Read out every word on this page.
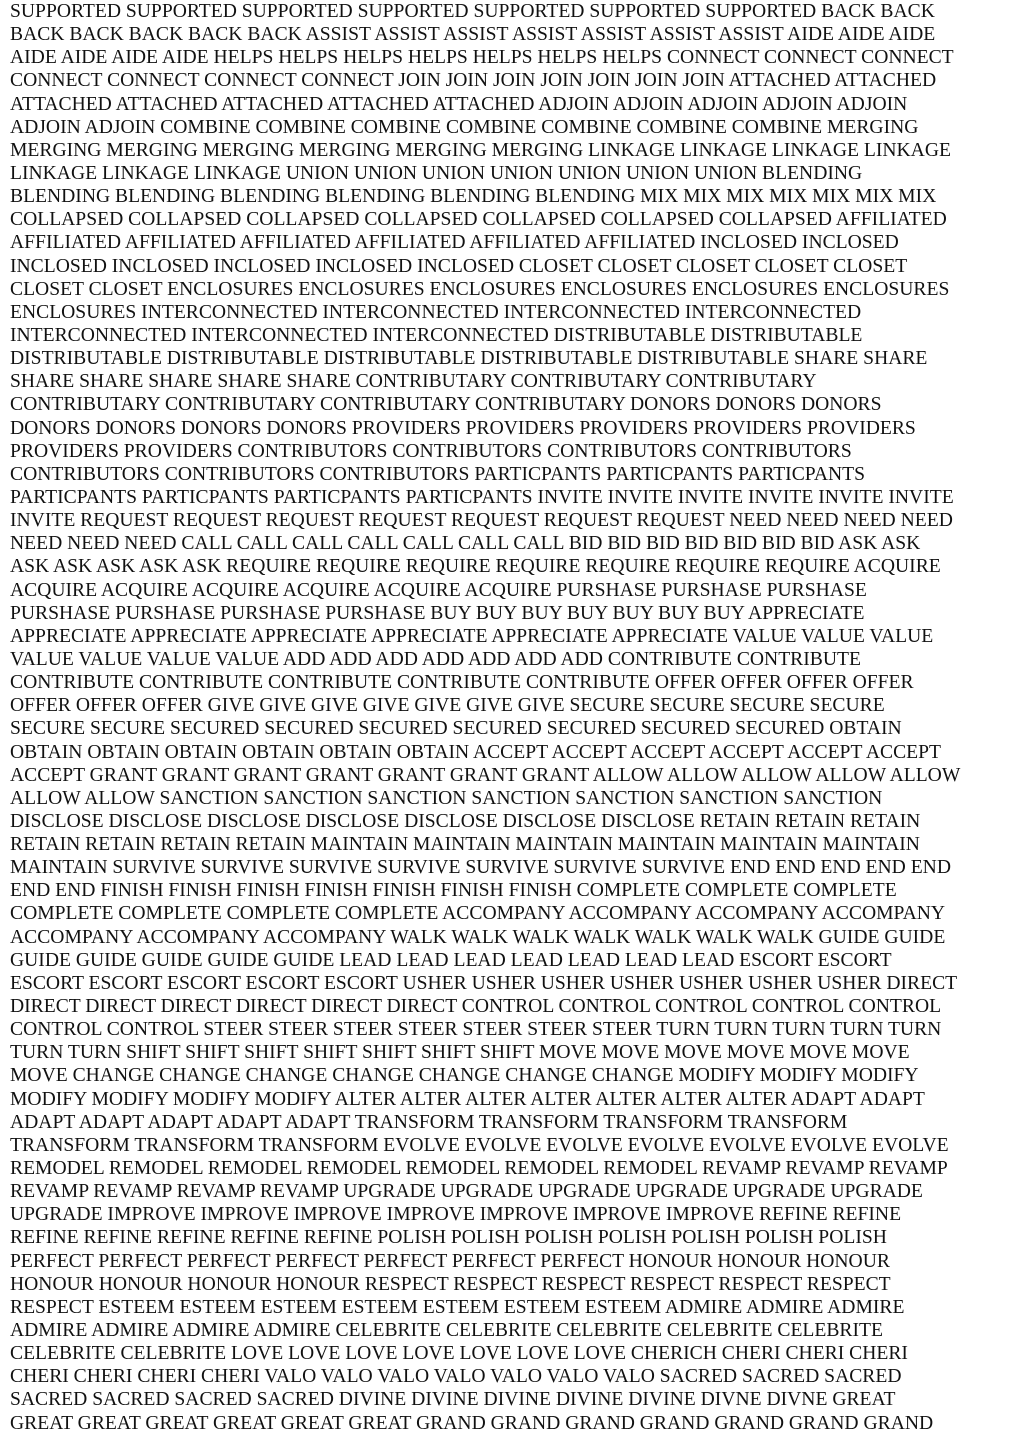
SUPPORTED SUPPORTED SUPPORTED SUPPORTED SUPPORTED SUPPORTED SUPPORTED BACK BACK
BACK BACK BACK BACK BACK ASSIST ASSIST ASSIST ASSIST ASSIST ASSIST ASSIST AIDE AIDE AIDE
AIDE AIDE AIDE AIDE HELPS HELPS HELPS HELPS HELPS HELPS HELPS CONNECT CONNECT CONNECT
CONNECT CONNECT CONNECT CONNECT JOIN JOIN JOIN JOIN JOIN JOIN JOIN ATTACHED ATTACHED
ATTACHED ATTACHED ATTACHED ATTACHED ATTACHED ADJOIN ADJOIN ADJOIN ADJOIN ADJOIN
ADJOIN ADJOIN COMBINE COMBINE COMBINE COMBINE COMBINE COMBINE COMBINE MERGING
MERGING MERGING MERGING MERGING MERGING MERGING LINKAGE LINKAGE LINKAGE LINKAGE
LINKAGE LINKAGE LINKAGE UNION UNION UNION UNION UNION UNION UNION BLENDING
BLENDING BLENDING BLENDING BLENDING BLENDING BLENDING MIX MIX MIX MIX MIX MIX MIX
COLLAPSED COLLAPSED COLLAPSED COLLAPSED COLLAPSED COLLAPSED COLLAPSED AFFILIATED
AFFILIATED AFFILIATED AFFILIATED AFFILIATED AFFILIATED AFFILIATED INCLOSED INCLOSED
INCLOSED INCLOSED INCLOSED INCLOSED INCLOSED CLOSET CLOSET CLOSET CLOSET CLOSET
CLOSET CLOSET ENCLOSURES ENCLOSURES ENCLOSURES ENCLOSURES ENCLOSURES ENCLOSURES
ENCLOSURES INTERCONNECTED INTERCONNECTED INTERCONNECTED INTERCONNECTED
INTERCONNECTED INTERCONNECTED INTERCONNECTED DISTRIBUTABLE DISTRIBUTABLE
DISTRIBUTABLE DISTRIBUTABLE DISTRIBUTABLE DISTRIBUTABLE DISTRIBUTABLE SHARE SHARE
SHARE SHARE SHARE SHARE SHARE CONTRIBUTARY CONTRIBUTARY CONTRIBUTARY
CONTRIBUTARY CONTRIBUTARY CONTRIBUTARY CONTRIBUTARY DONORS DONORS DONORS
DONORS DONORS DONORS DONORS PROVIDERS PROVIDERS PROVIDERS PROVIDERS PROVIDERS
PROVIDERS PROVIDERS CONTRIBUTORS CONTRIBUTORS CONTRIBUTORS CONTRIBUTORS
CONTRIBUTORS CONTRIBUTORS CONTRIBUTORS PARTICPANTS PARTICPANTS PARTICPANTS
PARTICPANTS PARTICPANTS PARTICPANTS PARTICPANTS INVITE INVITE INVITE INVITE INVITE INVITE
INVITE REQUEST REQUEST REQUEST REQUEST REQUEST REQUEST REQUEST NEED NEED NEED NEED
NEED NEED NEED CALL CALL CALL CALL CALL CALL CALL BID BID BID BID BID BID BID ASK ASK
ASK ASK ASK ASK ASK REQUIRE REQUIRE REQUIRE REQUIRE REQUIRE REQUIRE REQUIRE ACQUIRE
ACQUIRE ACQUIRE ACQUIRE ACQUIRE ACQUIRE ACQUIRE PURSHASE PURSHASE PURSHASE
PURSHASE PURSHASE PURSHASE PURSHASE BUY BUY BUY BUY BUY BUY BUY APPRECIATE
APPRECIATE APPRECIATE APPRECIATE APPRECIATE APPRECIATE APPRECIATE VALUE VALUE VALUE
VALUE VALUE VALUE VALUE ADD ADD ADD ADD ADD ADD ADD CONTRIBUTE CONTRIBUTE
CONTRIBUTE CONTRIBUTE CONTRIBUTE CONTRIBUTE CONTRIBUTE OFFER OFFER OFFER OFFER
OFFER OFFER OFFER GIVE GIVE GIVE GIVE GIVE GIVE GIVE SECURE SECURE SECURE SECURE
SECURE SECURE SECURED SECURED SECURED SECURED SECURED SECURED SECURED OBTAIN
OBTAIN OBTAIN OBTAIN OBTAIN OBTAIN OBTAIN ACCEPT ACCEPT ACCEPT ACCEPT ACCEPT ACCEPT
ACCEPT GRANT GRANT GRANT GRANT GRANT GRANT GRANT ALLOW ALLOW ALLOW ALLOW ALLOW
ALLOW ALLOW SANCTION SANCTION SANCTION SANCTION SANCTION SANCTION SANCTION
DISCLOSE DISCLOSE DISCLOSE DISCLOSE DISCLOSE DISCLOSE DISCLOSE RETAIN RETAIN RETAIN
RETAIN RETAIN RETAIN RETAIN MAINTAIN MAINTAIN MAINTAIN MAINTAIN MAINTAIN MAINTAIN
MAINTAIN SURVIVE SURVIVE SURVIVE SURVIVE SURVIVE SURVIVE SURVIVE END END END END END
END END FINISH FINISH FINISH FINISH FINISH FINISH FINISH COMPLETE COMPLETE COMPLETE
COMPLETE COMPLETE COMPLETE COMPLETE ACCOMPANY ACCOMPANY ACCOMPANY ACCOMPANY
ACCOMPANY ACCOMPANY ACCOMPANY WALK WALK WALK WALK WALK WALK WALK GUIDE GUIDE
GUIDE GUIDE GUIDE GUIDE GUIDE LEAD LEAD LEAD LEAD LEAD LEAD LEAD ESCORT ESCORT
ESCORT ESCORT ESCORT ESCORT ESCORT USHER USHER USHER USHER USHER USHER USHER DIRECT
DIRECT DIRECT DIRECT DIRECT DIRECT DIRECT CONTROL CONTROL CONTROL CONTROL CONTROL
CONTROL CONTROL STEER STEER STEER STEER STEER STEER STEER TURN TURN TURN TURN TURN
TURN TURN SHIFT SHIFT SHIFT SHIFT SHIFT SHIFT SHIFT MOVE MOVE MOVE MOVE MOVE MOVE
MOVE CHANGE CHANGE CHANGE CHANGE CHANGE CHANGE CHANGE MODIFY MODIFY MODIFY
MODIFY MODIFY MODIFY MODIFY ALTER ALTER ALTER ALTER ALTER ALTER ALTER ADAPT ADAPT
ADAPT ADAPT ADAPT ADAPT ADAPT TRANSFORM TRANSFORM TRANSFORM TRANSFORM
TRANSFORM TRANSFORM TRANSFORM EVOLVE EVOLVE EVOLVE EVOLVE EVOLVE EVOLVE EVOLVE
REMODEL REMODEL REMODEL REMODEL REMODEL REMODEL REMODEL REVAMP REVAMP REVAMP
REVAMP REVAMP REVAMP REVAMP UPGRADE UPGRADE UPGRADE UPGRADE UPGRADE UPGRADE
UPGRADE IMPROVE IMPROVE IMPROVE IMPROVE IMPROVE IMPROVE IMPROVE REFINE REFINE
REFINE REFINE REFINE REFINE REFINE POLISH POLISH POLISH POLISH POLISH POLISH POLISH
PERFECT PERFECT PERFECT PERFECT PERFECT PERFECT PERFECT HONOUR HONOUR HONOUR
HONOUR HONOUR HONOUR HONOUR RESPECT RESPECT RESPECT RESPECT RESPECT RESPECT
RESPECT ESTEEM ESTEEM ESTEEM ESTEEM ESTEEM ESTEEM ESTEEM ADMIRE ADMIRE ADMIRE
ADMIRE ADMIRE ADMIRE ADMIRE CELEBRITE CELEBRITE CELEBRITE CELEBRITE CELEBRITE
CELEBRITE CELEBRITE LOVE LOVE LOVE LOVE LOVE LOVE LOVE CHERICH CHERI CHERI CHERI
CHERI CHERI CHERI CHERI VALO VALO VALO VALO VALO VALO VALO SACRED SACRED SACRED
SACRED SACRED SACRED SACRED DIVINE DIVINE DIVINE DIVINE DIVINE DIVNE DIVNE GREAT
GREAT GREAT GREAT GREAT GREAT GREAT GRAND GRAND GRAND GRAND GRAND GRAND GRAND
